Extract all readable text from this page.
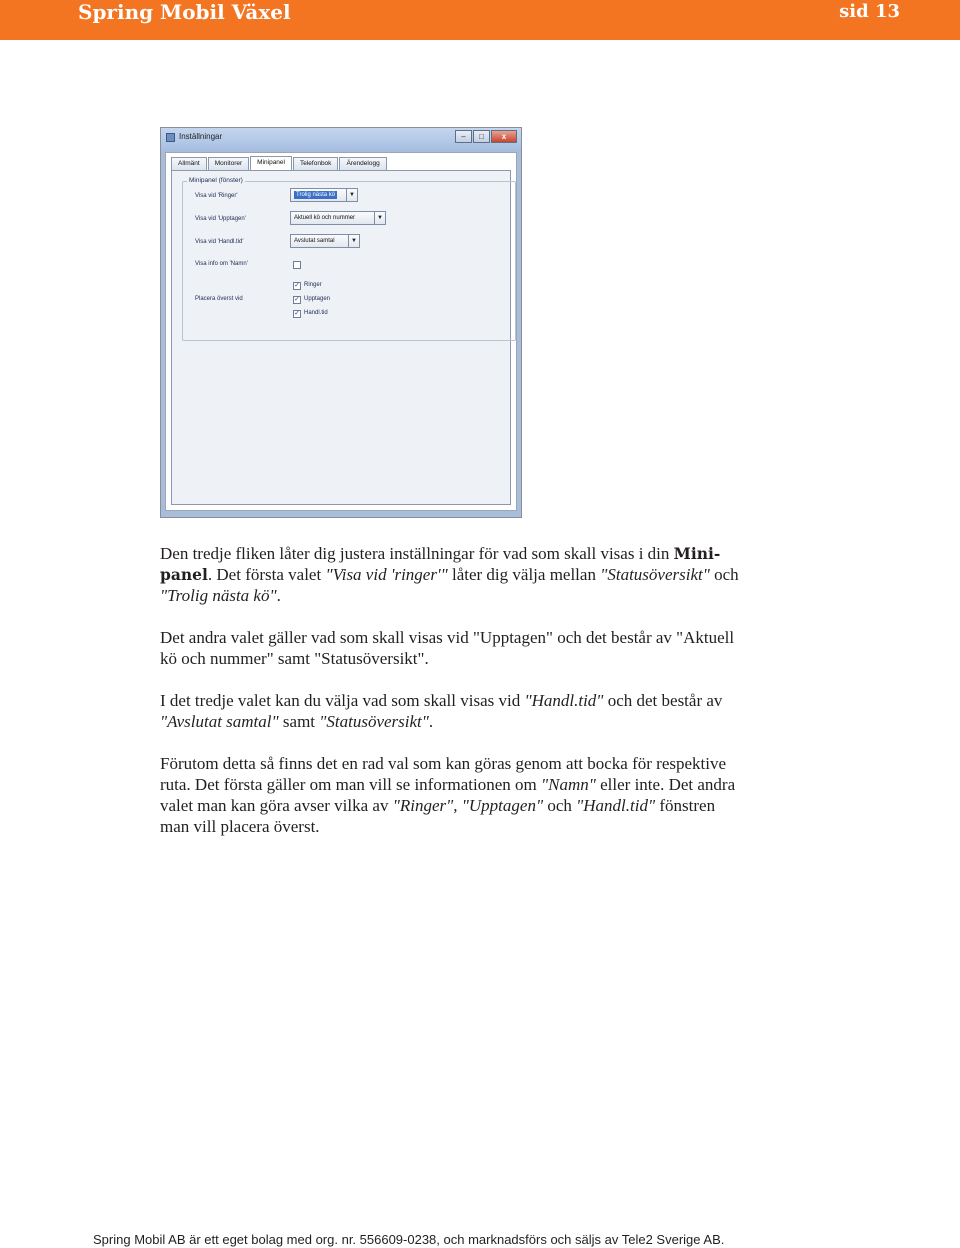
Spring Mobil Växel	sid 13
Inställningar	–	□	x
Allmänt	Monitorer	Minipanel	Telefonbok	Ärendelogg
Minipanel (fönster)
Visa vid 'Ringer'	Trolig nästa kö	▼
Visa vid 'Upptagen'	Aktuell kö och nummer	▼
Visa vid 'Handl.tid'	Avslutat samtal	▼
Visa info om 'Namn'
Placera överst vid
✓ Ringer
✓ Upptagen
✓ Handl.tid
Den tredje fliken låter dig justera inställningar för vad som skall visas i din Mini-
panel. Det första valet "Visa vid 'ringer'" låter dig välja mellan "Statusöversikt" och
"Trolig nästa kö".
Det andra valet gäller vad som skall visas vid "Upptagen" och det består av "Aktuell
kö och nummer" samt "Statusöversikt".
I det tredje valet kan du välja vad som skall visas vid "Handl.tid" och det består av
"Avslutat samtal" samt "Statusöversikt".
Förutom detta så finns det en rad val som kan göras genom att bocka för respektive
ruta. Det första gäller om man vill se informationen om "Namn" eller inte. Det andra
valet man kan göra avser vilka av "Ringer", "Upptagen" och "Handl.tid" fönstren
man vill placera överst.
Spring Mobil AB är ett eget bolag med org. nr. 556609-0238, och marknadsförs och säljs av Tele2 Sverige AB.
